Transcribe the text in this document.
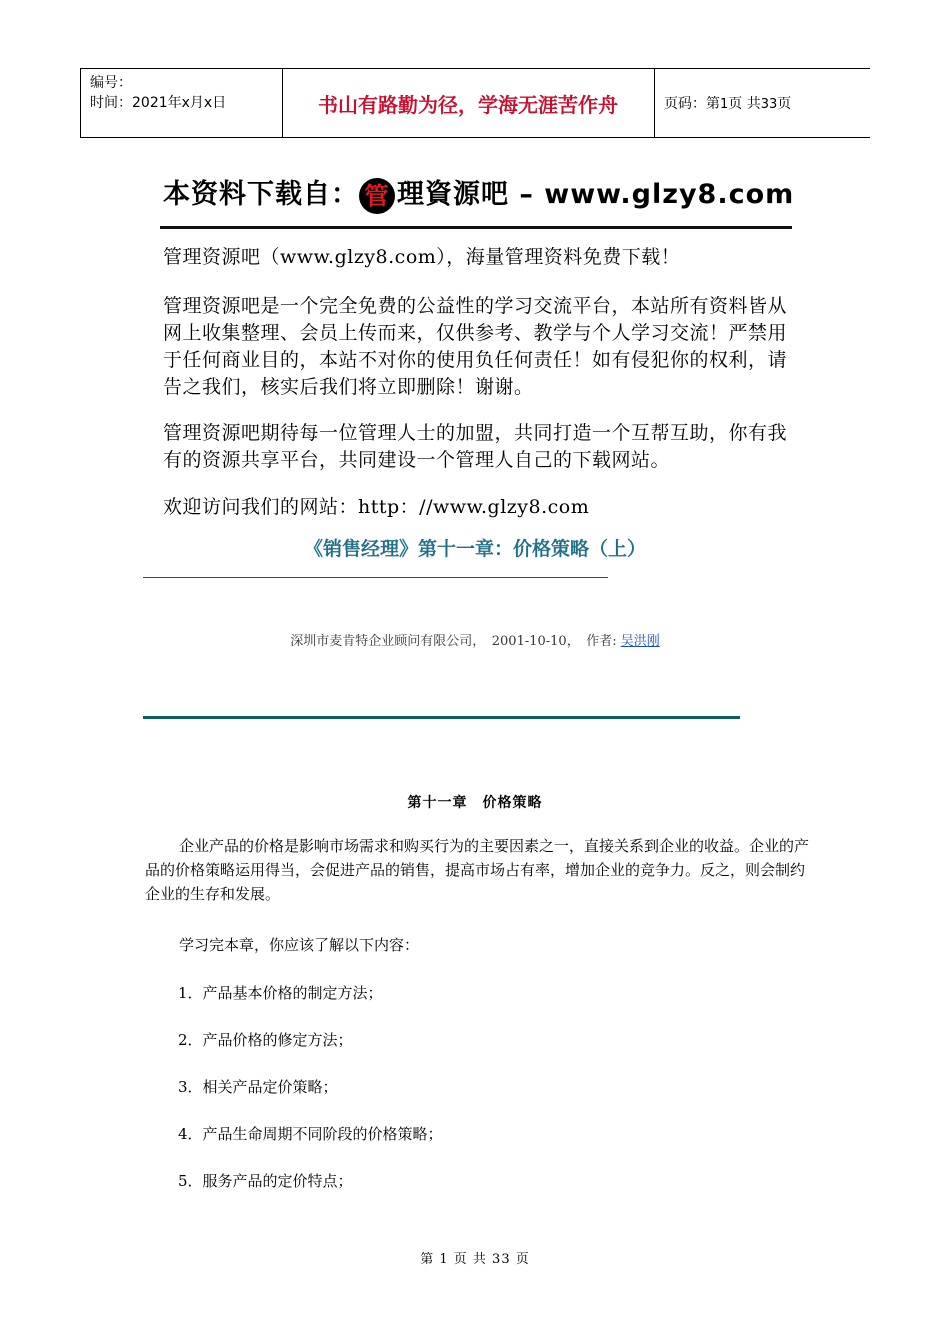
编号：
时间：2021年x月x日	书山有路勤为径，学海无涯苦作舟	页码：第1页 共33页
本资料下载自： 管 理資源吧 – www.glzy8.com
管理资源吧（www.glzy8.com），海量管理资料免费下载！
管理资源吧是一个完全免费的公益性的学习交流平台，本站所有资料皆从网上收集整理、会员上传而来，仅供参考、教学与个人学习交流！严禁用于任何商业目的，本站不对你的使用负任何责任！如有侵犯你的权利，请告之我们，核实后我们将立即删除！谢谢。
管理资源吧期待每一位管理人士的加盟，共同打造一个互帮互助，你有我有的资源共享平台，共同建设一个管理人自己的下载网站。
欢迎访问我们的网站：http：//www.glzy8.com
《销售经理》第十一章：价格策略（上）
深圳市麦肯特企业顾问有限公司，　2001-10-10，　作者: 吴洪刚
第十一章　价格策略
企业产品的价格是影响市场需求和购买行为的主要因素之一，直接关系到企业的收益。企业的产品的价格策略运用得当，会促进产品的销售，提高市场占有率，增加企业的竞争力。反之，则会制约企业的生存和发展。
学习完本章，你应该了解以下内容：
1．产品基本价格的制定方法；
2．产品价格的修定方法；
3．相关产品定价策略；
4．产品生命周期不同阶段的价格策略；
5．服务产品的定价特点；
第 1 页 共 33 页
